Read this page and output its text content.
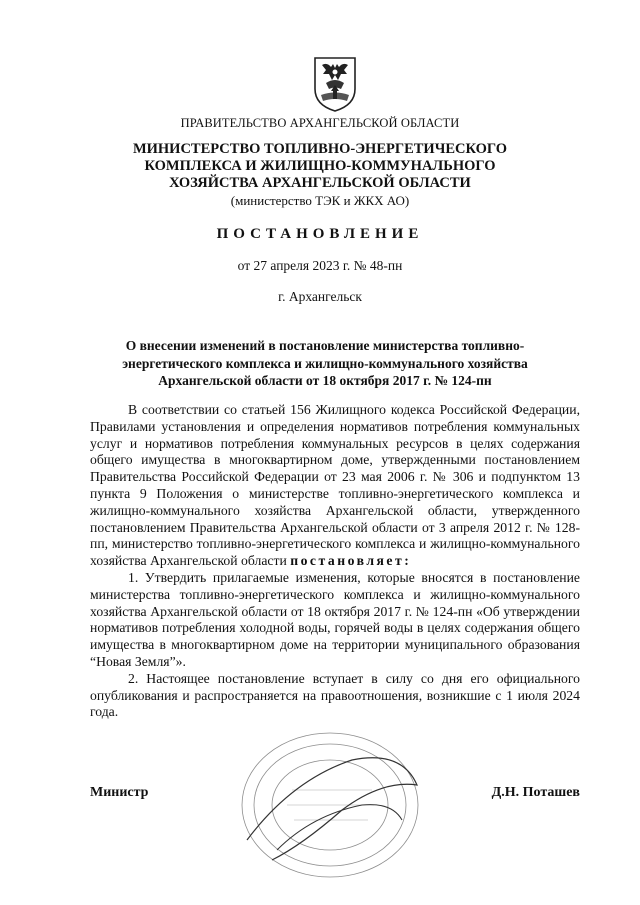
ПРАВИТЕЛЬСТВО АРХАНГЕЛЬСКОЙ ОБЛАСТИ
МИНИСТЕРСТВО ТОПЛИВНО-ЭНЕРГЕТИЧЕСКОГО
КОМПЛЕКСА И ЖИЛИЩНО-КОММУНАЛЬНОГО
ХОЗЯЙСТВА АРХАНГЕЛЬСКОЙ ОБЛАСТИ
(министерство ТЭК и ЖКХ АО)
ПОСТАНОВЛЕНИЕ
от 27 апреля 2023 г. № 48-пн
г. Архангельск
О внесении изменений в постановление министерства топливно-энергетического комплекса и жилищно-коммунального хозяйства Архангельской области от 18 октября 2017 г. № 124-пн

В соответствии со статьей 156 Жилищного кодекса Российской Федерации, Правилами установления и определения нормативов потребления коммунальных услуг и нормативов потребления коммунальных ресурсов в целях содержания общего имущества в многоквартирном доме, утвержденными постановлением Правительства Российской Федерации от 23 мая 2006 г. № 306 и подпунктом 13 пункта 9 Положения о министерстве топливно-энергетического комплекса и жилищно-коммунального хозяйства Архангельской области, утвержденного постановлением Правительства Архангельской области от 3 апреля 2012 г. № 128-пп, министерство топливно-энергетического комплекса и жилищно-коммунального хозяйства Архангельской области постановляет:

1. Утвердить прилагаемые изменения, которые вносятся в постановление министерства топливно-энергетического комплекса и жилищно-коммунального хозяйства Архангельской области от 18 октября 2017 г. № 124-пн «Об утверждении нормативов потребления холодной воды, горячей воды в целях содержания общего имущества в многоквартирном доме на территории муниципального образования “Новая Земля”».

2. Настоящее постановление вступает в силу со дня его официального опубликования и распространяется на правоотношения, возникшие с 1 июля 2024 года.

Министр	Д.Н. Поташев
